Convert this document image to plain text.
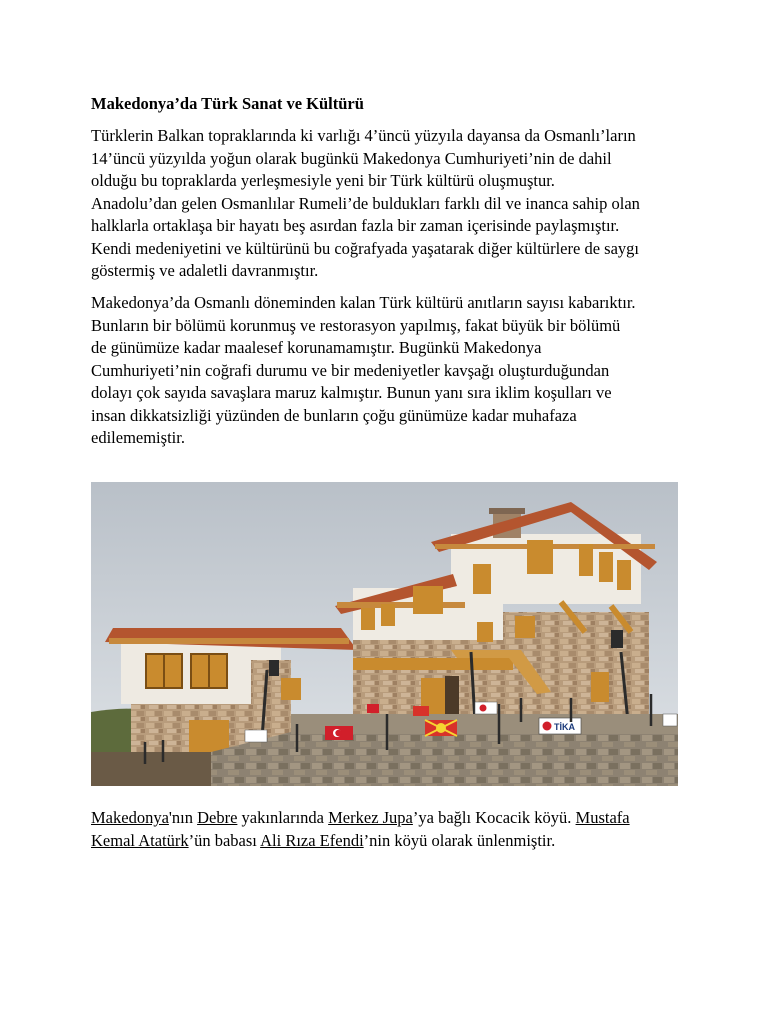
Makedonya’da Türk Sanat ve Kültürü

Türklerin Balkan topraklarında ki varlığı 4’üncü yüzyıla dayansa da Osmanlı’ların
14’üncü yüzyılda yoğun olarak bugünkü Makedonya Cumhuriyeti’nin de dahil
olduğu bu topraklarda yerleşmesiyle yeni bir Türk kültürü oluşmuştur.
Anadolu’dan gelen Osmanlılar Rumeli’de buldukları farklı dil ve inanca sahip olan
halklarla ortaklaşa bir hayatı beş asırdan fazla bir zaman içerisinde paylaşmıştır.
Kendi medeniyetini ve kültürünü bu coğrafyada yaşatarak diğer kültürlere de saygı
göstermiş ve adaletli davranmıştır.

Makedonya’da Osmanlı döneminden kalan Türk kültürü anıtların sayısı kabarıktır.
Bunların bir bölümü korunmuş ve restorasyon yapılmış, fakat büyük bir bölümü
de günümüze kadar maalesef korunamamıştır. Bugünkü Makedonya
Cumhuriyeti’nin coğrafi durumu ve bir medeniyetler kavşağı oluşturduğundan
dolayı çok sayıda savaşlara maruz kalmıştır. Bunun yanı sıra iklim koşulları ve
insan dikkatsizliği yüzünden de bunların çoğu günümüze kadar muhafaza
edilememiştir.

TİKA

Makedonya'nın Debre yakınlarında Merkez Jupa’ya bağlı Kocacik köyü. Mustafa
Kemal Atatürk’ün babası Ali Rıza Efendi’nin köyü olarak ünlenmiştir.
